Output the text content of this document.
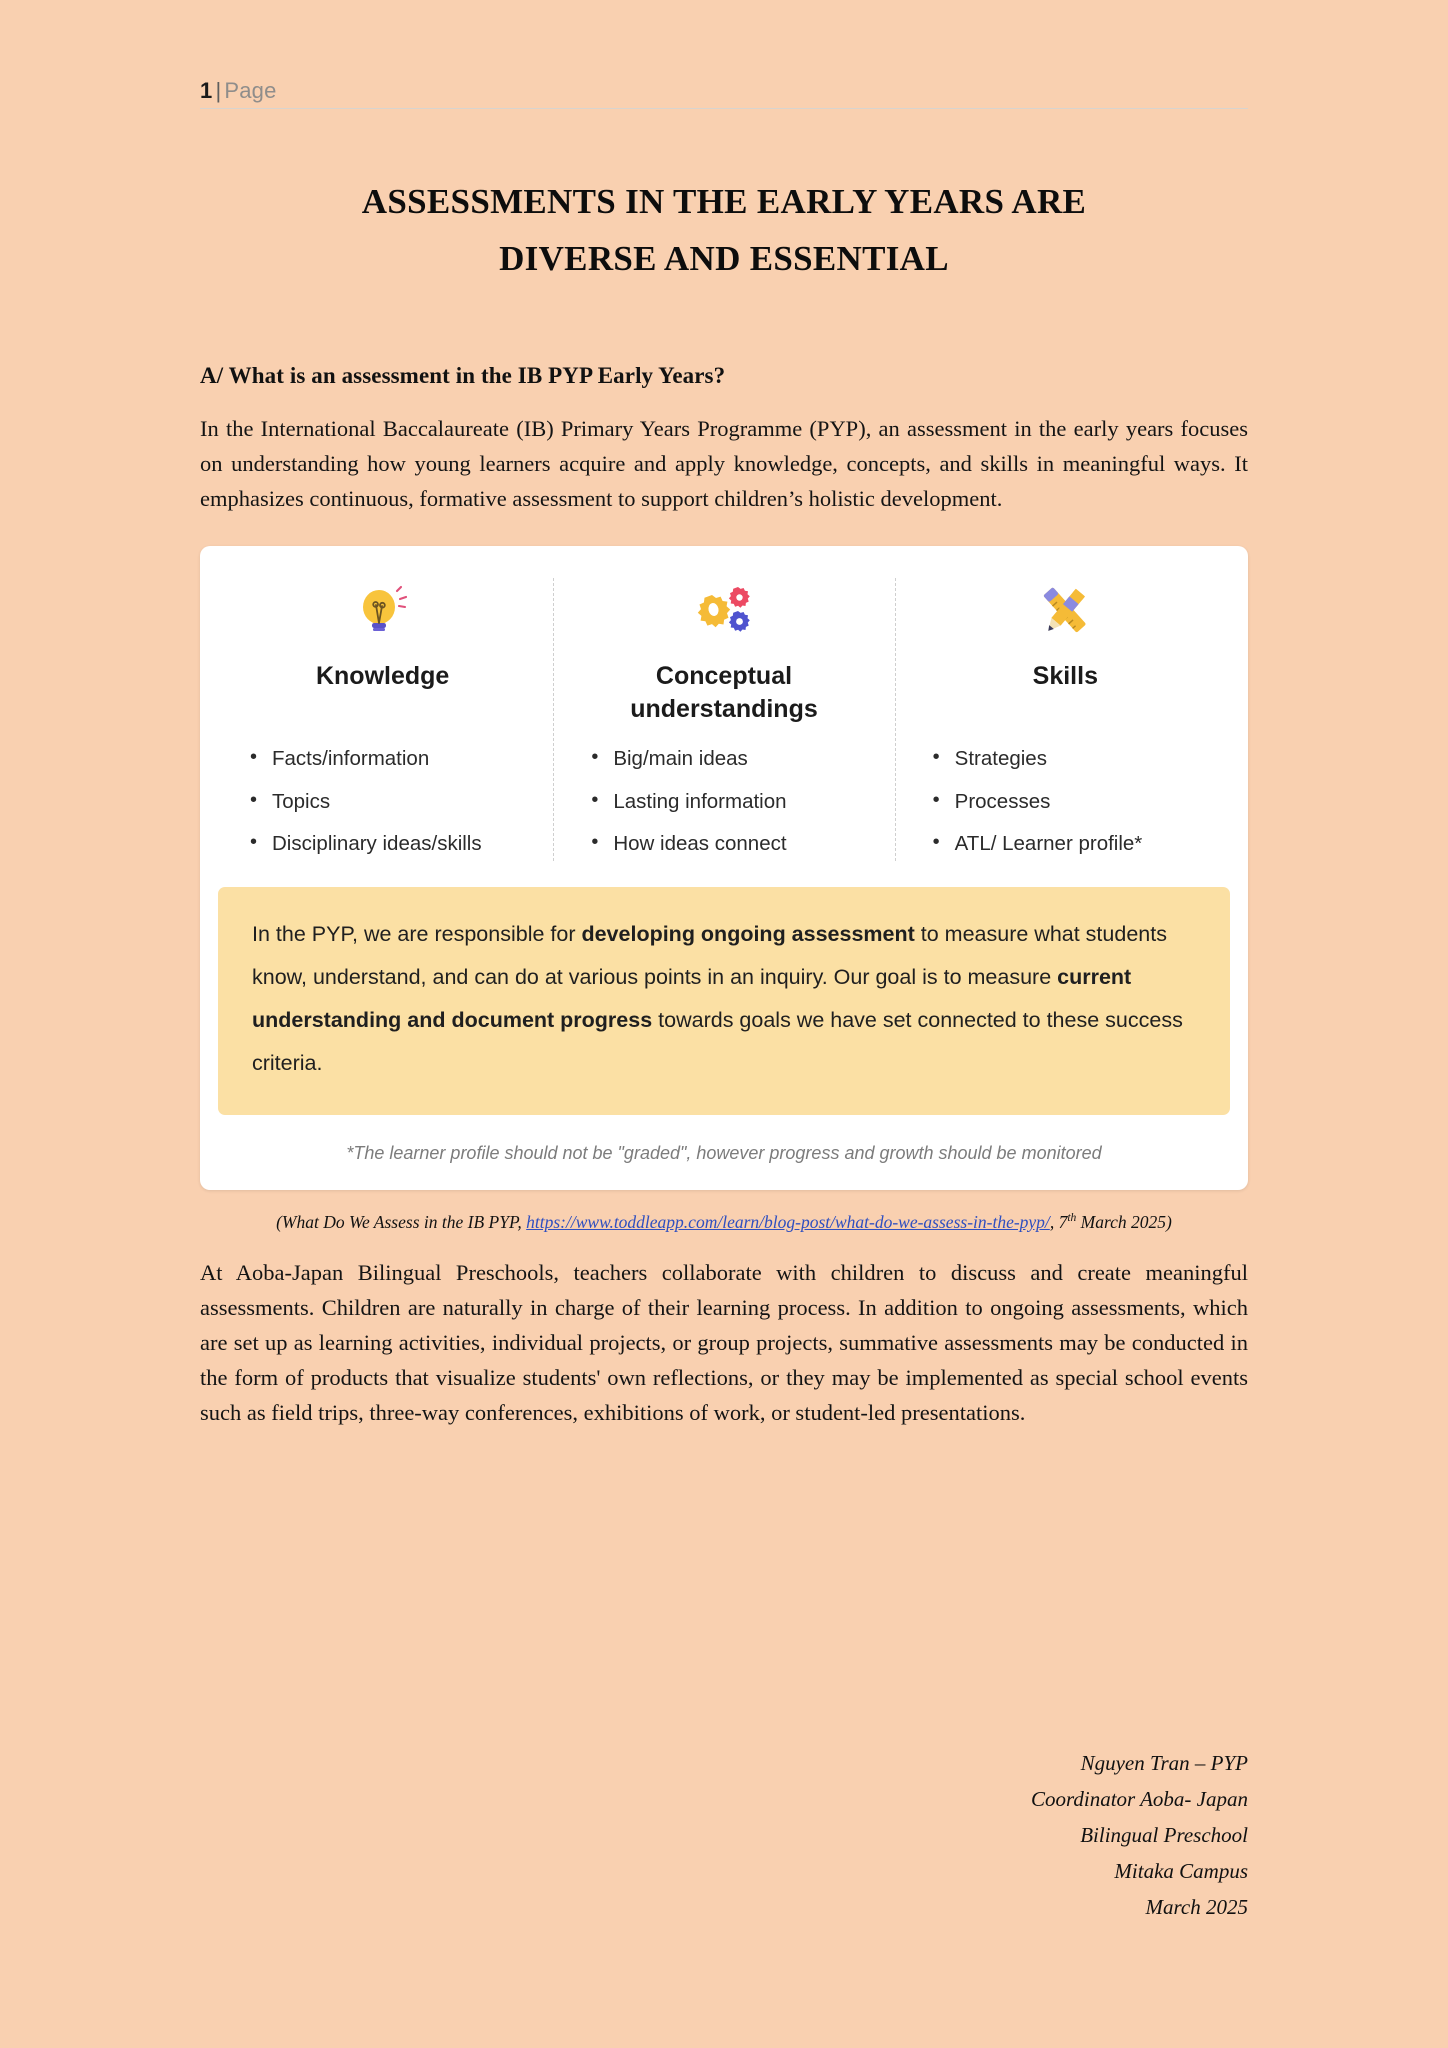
1 | Page
ASSESSMENTS IN THE EARLY YEARS ARE
DIVERSE AND ESSENTIAL
A/ What is an assessment in the IB PYP Early Years?

In the International Baccalaureate (IB) Primary Years Programme (PYP), an assessment in the early years focuses on understanding how young learners acquire and apply knowledge, concepts, and skills in meaningful ways. It emphasizes continuous, formative assessment to support children’s holistic development.

Knowledge
• Facts/information
• Topics
• Disciplinary ideas/skills
Conceptual understandings
• Big/main ideas
• Lasting information
• How ideas connect
Skills
• Strategies
• Processes
• ATL/ Learner profile*

In the PYP, we are responsible for developing ongoing assessment to measure what students know, understand, and can do at various points in an inquiry. Our goal is to measure current understanding and document progress towards goals we have set connected to these success criteria.

*The learner profile should not be "graded", however progress and growth should be monitored

(What Do We Assess in the IB PYP, https://www.toddleapp.com/learn/blog-post/what-do-we-assess-in-the-pyp/, 7th March 2025)

At Aoba-Japan Bilingual Preschools, teachers collaborate with children to discuss and create meaningful assessments. Children are naturally in charge of their learning process. In addition to ongoing assessments, which are set up as learning activities, individual projects, or group projects, summative assessments may be conducted in the form of products that visualize students' own reflections, or they may be implemented as special school events such as field trips, three-way conferences, exhibitions of work, or student-led presentations.

Nguyen Tran – PYP
Coordinator Aoba- Japan
Bilingual Preschool
Mitaka Campus
March 2025
